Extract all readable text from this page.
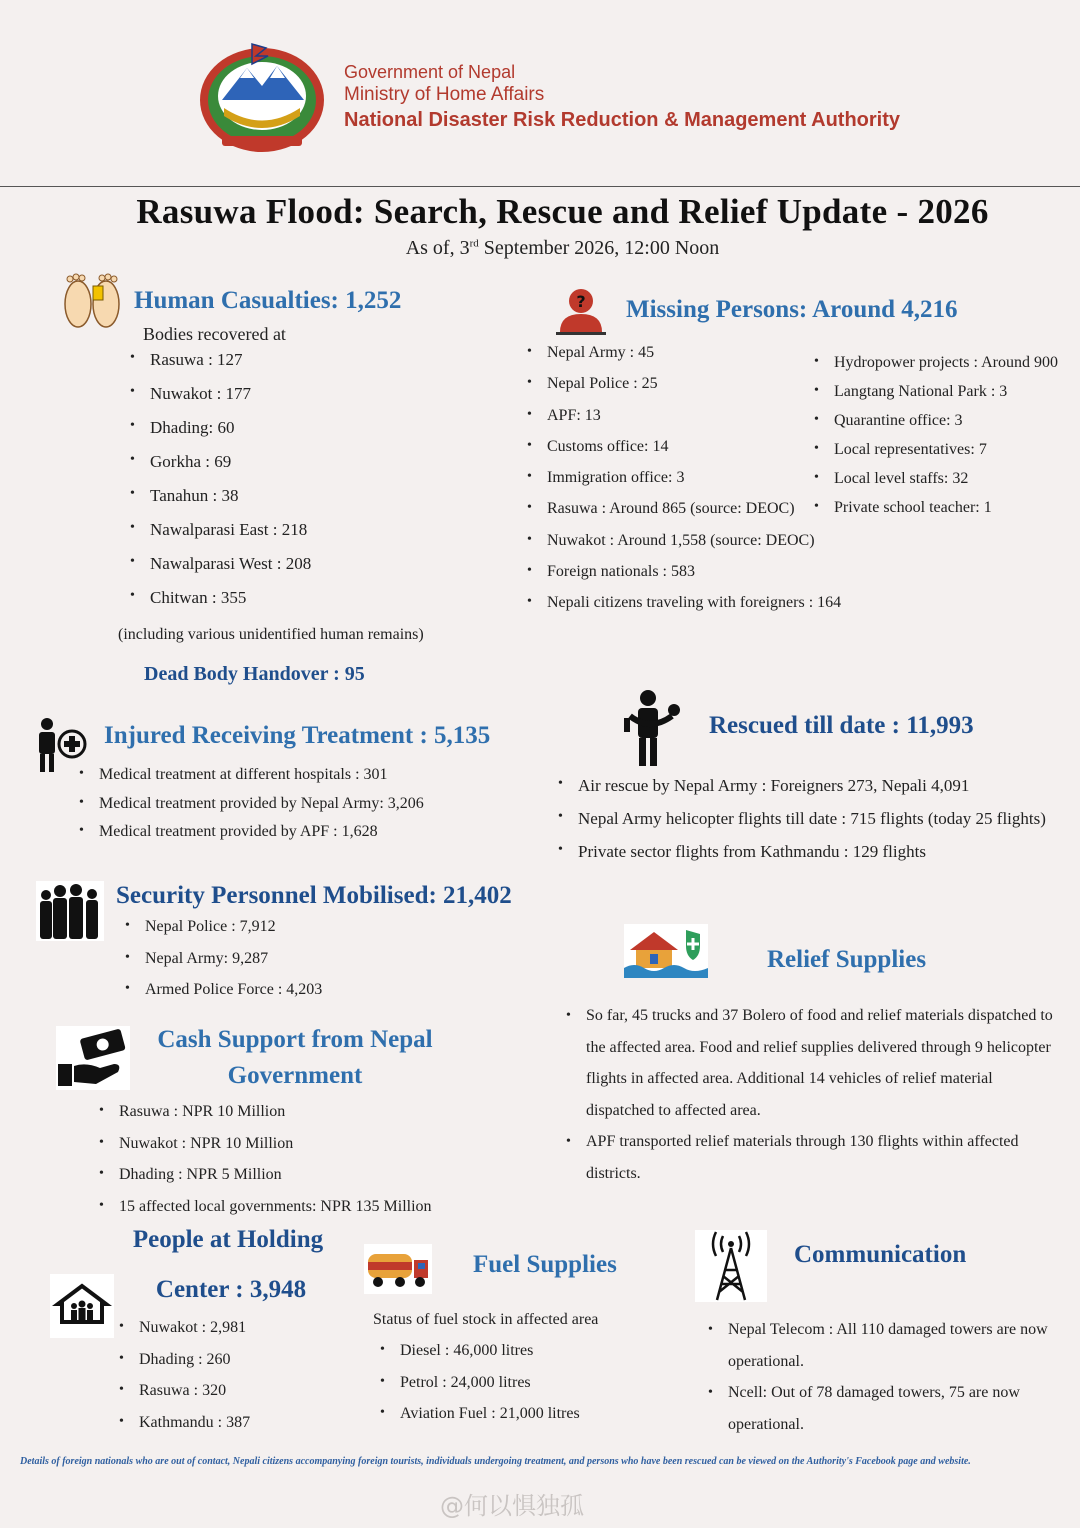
Government of Nepal
Ministry of Home Affairs
National Disaster Risk Reduction & Management Authority
Rasuwa Flood: Search, Rescue and Relief Update - 2026
As of, 3rd September 2026, 12:00 Noon
Human Casualties: 1,252
Bodies recovered at
• Rasuwa : 127
• Nuwakot : 177
• Dhading: 60
• Gorkha : 69
• Tanahun : 38
• Nawalparasi East : 218
• Nawalparasi West : 208
• Chitwan : 355
(including various unidentified human remains)
Dead Body Handover : 95
? Missing Persons: Around 4,216
• Nepal Army : 45
• Nepal Police : 25
• APF: 13
• Customs office: 14
• Immigration office: 3
• Rasuwa : Around 865 (source: DEOC)
• Nuwakot : Around 1,558 (source: DEOC)
• Foreign nationals : 583
• Nepali citizens traveling with foreigners : 164
• Hydropower projects : Around 900
• Langtang National Park : 3
• Quarantine office: 3
• Local representatives: 7
• Local level staffs: 32
• Private school teacher: 1
Injured Receiving Treatment : 5,135
• Medical treatment at different hospitals : 301
• Medical treatment provided by Nepal Army: 3,206
• Medical treatment provided by APF : 1,628
Rescued till date : 11,993
• Air rescue by Nepal Army : Foreigners 273, Nepali 4,091
• Nepal Army helicopter flights till date : 715 flights (today 25 flights)
• Private sector flights from Kathmandu : 129 flights
Security Personnel Mobilised: 21,402
• Nepal Police : 7,912
• Nepal Army: 9,287
• Armed Police Force : 4,203
Relief Supplies
• So far, 45 trucks and 37 Bolero of food and relief materials dispatched to the affected area. Food and relief supplies delivered through 9 helicopter flights in affected area. Additional 14 vehicles of relief material dispatched to affected area.
• APF transported relief materials through 130 flights within affected districts.
Cash Support from Nepal
Government
• Rasuwa : NPR 10 Million
• Nuwakot : NPR 10 Million
• Dhading : NPR 5 Million
• 15 affected local governments: NPR 135 Million
People at Holding
Center : 3,948
• Nuwakot : 2,981
• Dhading : 260
• Rasuwa : 320
• Kathmandu : 387
Fuel Supplies
Status of fuel stock in affected area
• Diesel : 46,000 litres
• Petrol : 24,000 litres
• Aviation Fuel : 21,000 litres
Communication
• Nepal Telecom : All 110 damaged towers are now operational.
• Ncell: Out of 78 damaged towers, 75 are now operational.
Details of foreign nationals who are out of contact, Nepali citizens accompanying foreign tourists, individuals undergoing treatment, and persons who have been rescued can be viewed on the Authority's Facebook page and website.
@何以惧独孤
